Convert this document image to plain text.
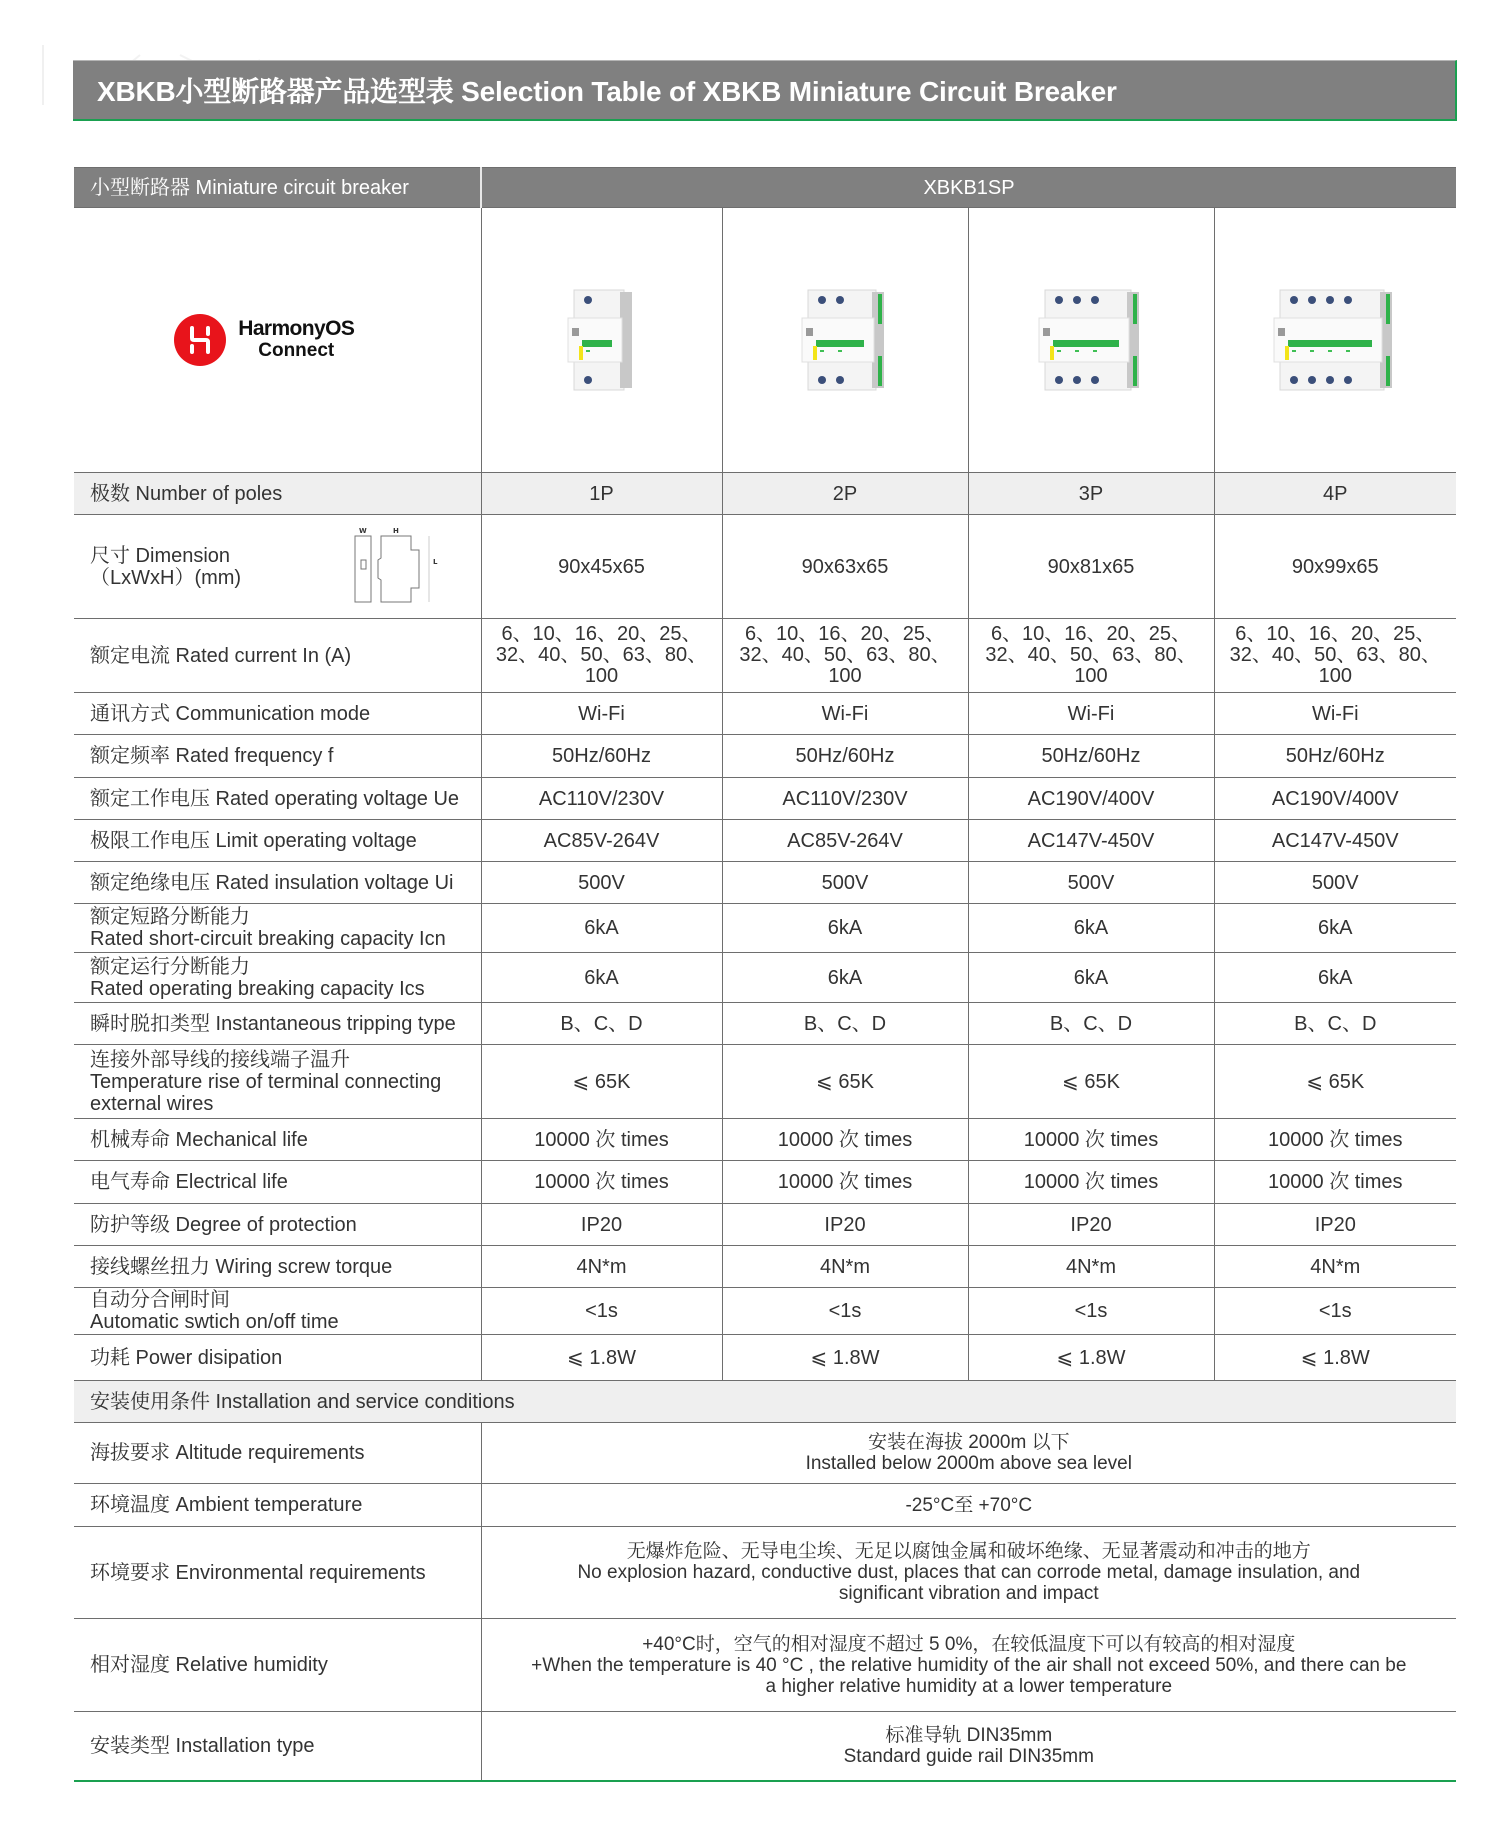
XBKB小型断路器产品选型表 Selection Table of XBKB Miniature Circuit Breaker
小型断路器 Miniature circuit breaker	XBKB1SP			

HarmonyOS
Connect

极数 Number of poles	1P	2P	3P	4P

尺寸 Dimension
（LxWxH）(mm)
W H
L	90x45x65	90x63x65	90x81x65	90x99x65

额定电流 Rated current In (A)	6、10、16、20、25、
32、40、50、63、80、
100	6、10、16、20、25、
32、40、50、63、80、
100	6、10、16、20、25、
32、40、50、63、80、
100	6、10、16、20、25、
32、40、50、63、80、
100

通讯方式 Communication mode	Wi-Fi	Wi-Fi	Wi-Fi	Wi-Fi

额定频率 Rated frequency f	50Hz/60Hz	50Hz/60Hz	50Hz/60Hz	50Hz/60Hz

额定工作电压 Rated operating voltage Ue	AC110V/230V	AC110V/230V	AC190V/400V	AC190V/400V

极限工作电压 Limit operating voltage	AC85V-264V	AC85V-264V	AC147V-450V	AC147V-450V

额定绝缘电压 Rated insulation voltage Ui	500V	500V	500V	500V

额定短路分断能力
Rated short-circuit breaking capacity Icn	6kA	6kA	6kA	6kA

额定运行分断能力
Rated operating breaking capacity Ics	6kA	6kA	6kA	6kA

瞬时脱扣类型 Instantaneous tripping type	B、C、D	B、C、D	B、C、D	B、C、D

连接外部导线的接线端子温升
Temperature rise of terminal connecting
external wires	⩽ 65K	⩽ 65K	⩽ 65K	⩽ 65K

机械寿命 Mechanical life	10000 次 times	10000 次 times	10000 次 times	10000 次 times

电气寿命 Electrical life	10000 次 times	10000 次 times	10000 次 times	10000 次 times

防护等级 Degree of protection	IP20	IP20	IP20	IP20

接线螺丝扭力 Wiring screw torque	4N*m	4N*m	4N*m	4N*m

自动分合闸时间
Automatic swtich on/off time	<1s	<1s	<1s	<1s

功耗 Power disipation	⩽ 1.8W	⩽ 1.8W	⩽ 1.8W	⩽ 1.8W
安装使用条件 Installation and service conditions				
海拔要求 Altitude requirements	安装在海拔 2000m 以下
Installed below 2000m above sea level			

环境温度 Ambient temperature	-25°C至 +70°C			

环境要求 Environmental requirements	无爆炸危险、无导电尘埃、无足以腐蚀金属和破坏绝缘、无显著震动和冲击的地方
No explosion hazard, conductive dust, places that can corrode metal, damage insulation, and
significant vibration and impact			

相对湿度 Relative humidity	+40°C时，空气的相对湿度不超过 5 0%，在较低温度下可以有较高的相对湿度
+When the temperature is 40 °C , the relative humidity of the air shall not exceed 50%, and there can be
a higher relative humidity at a lower temperature			

安装类型 Installation type	标准导轨 DIN35mm
Standard guide rail DIN35mm			
